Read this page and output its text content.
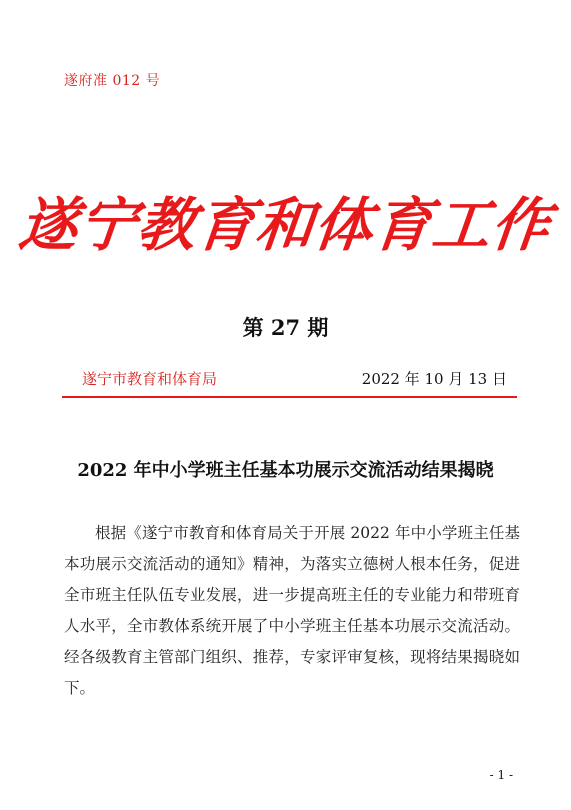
遂府准 012 号
遂宁教育和体育工作
第 27 期
遂宁市教育和体育局	2022 年 10 月 13 日
2022 年中小学班主任基本功展示交流活动结果揭晓

根据《遂宁市教育和体育局关于开展 2022 年中小学班主任基本功展示交流活动的通知》精神，为落实立德树人根本任务，促进全市班主任队伍专业发展，进一步提高班主任的专业能力和带班育人水平，全市教体系统开展了中小学班主任基本功展示交流活动。经各级教育主管部门组织、推荐，专家评审复核，现将结果揭晓如下。

- 1 -
